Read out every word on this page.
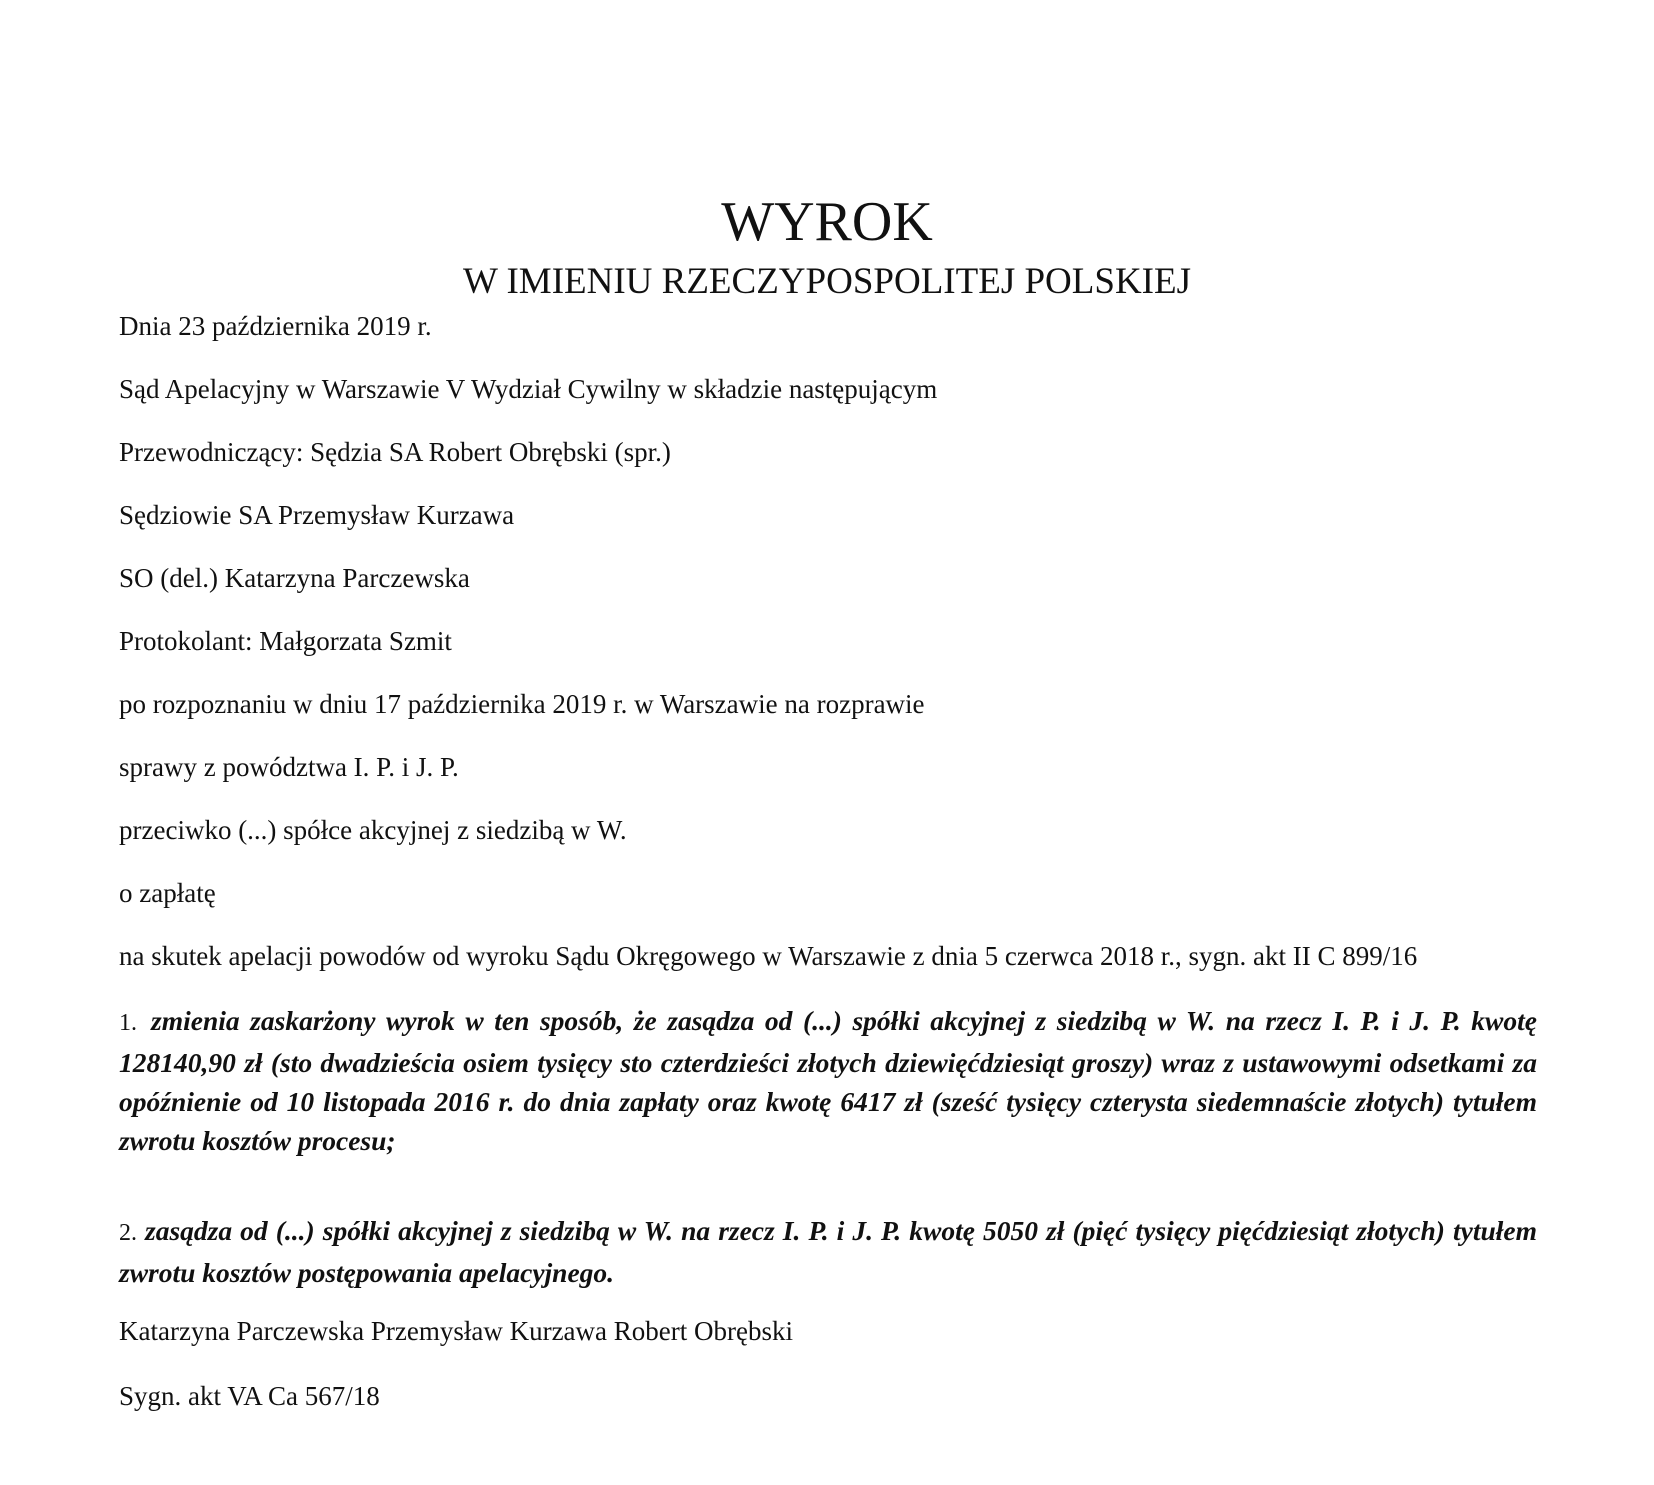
WYROK
W IMIENIU RZECZYPOSPOLITEJ POLSKIEJ

Dnia 23 października 2019 r.

Sąd Apelacyjny w Warszawie V Wydział Cywilny w składzie następującym

Przewodniczący: Sędzia SA Robert Obrębski (spr.)

Sędziowie SA Przemysław Kurzawa

SO (del.) Katarzyna Parczewska

Protokolant: Małgorzata Szmit

po rozpoznaniu w dniu 17 października 2019 r. w Warszawie na rozprawie

sprawy z powództwa I. P. i J. P.

przeciwko (...) spółce akcyjnej z siedzibą w W.

o zapłatę

na skutek apelacji powodów od wyroku Sądu Okręgowego w Warszawie z dnia 5 czerwca 2018 r., sygn. akt II C 899/16

1. zmienia zaskarżony wyrok w ten sposób, że zasądza od (...) spółki akcyjnej z siedzibą w W. na rzecz I. P. i J. P. kwotę 128140,90 zł (sto dwadzieścia osiem tysięcy sto czterdzieści złotych dziewięćdziesiąt groszy) wraz z ustawowymi odsetkami za opóźnienie od 10 listopada 2016 r. do dnia zapłaty oraz kwotę 6417 zł (sześć tysięcy czterysta siedemnaście złotych) tytułem zwrotu kosztów procesu;

2. zasądza od (...) spółki akcyjnej z siedzibą w W. na rzecz I. P. i J. P. kwotę 5050 zł (pięć tysięcy pięćdziesiąt złotych) tytułem zwrotu kosztów postępowania apelacyjnego.

Katarzyna Parczewska Przemysław Kurzawa Robert Obrębski

Sygn. akt VA Ca 567/18
